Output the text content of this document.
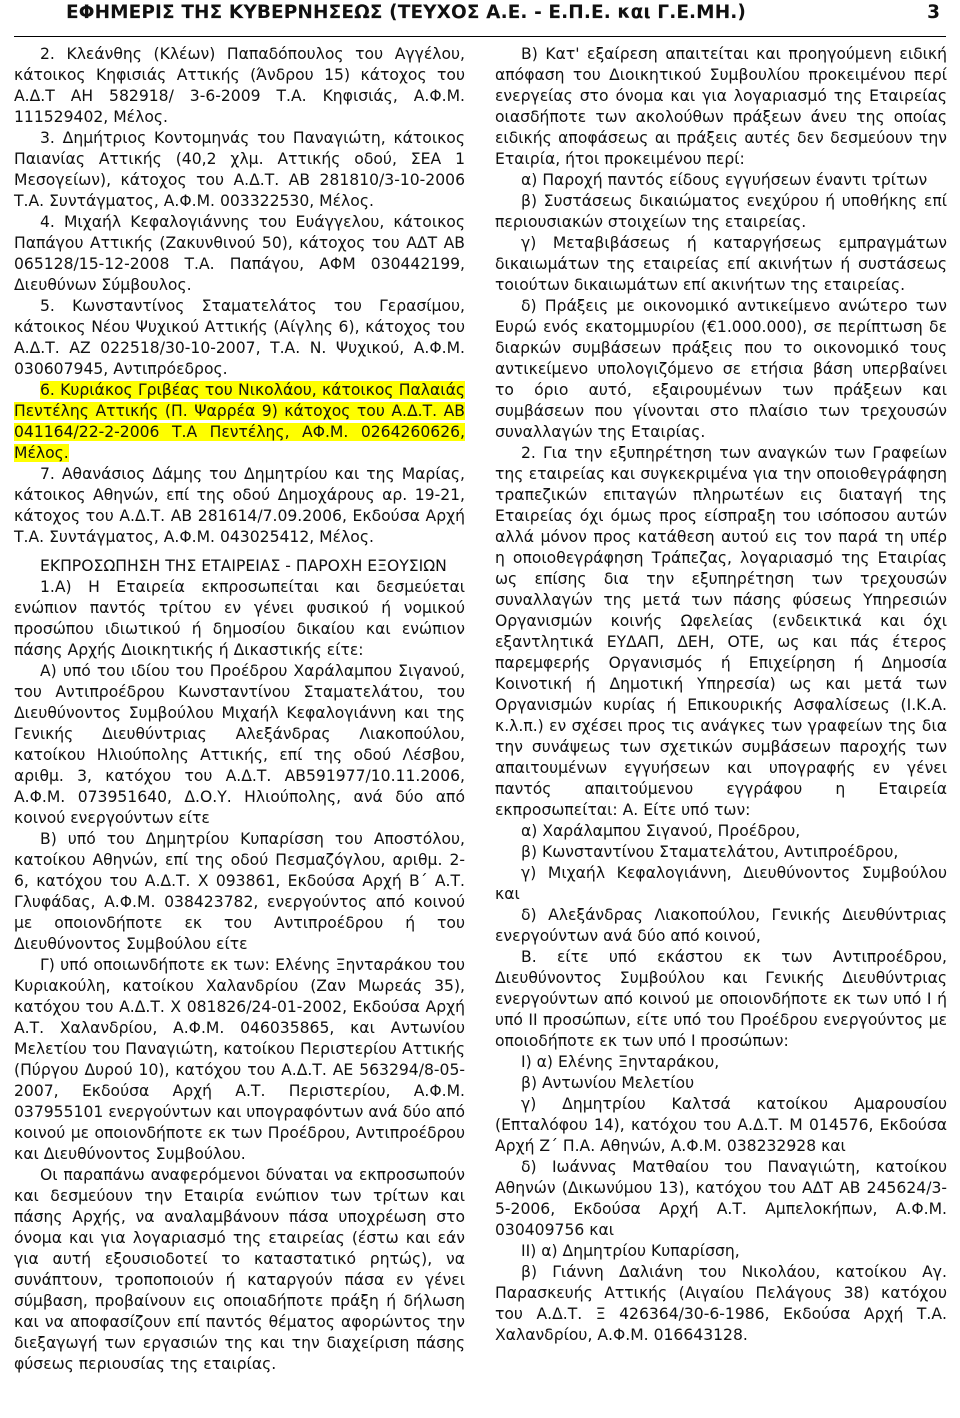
ΕΦΗΜΕΡΙΣ ΤΗΣ ΚΥΒΕΡΝΗΣΕΩΣ (ΤΕΥΧΟΣ Α.Ε. - Ε.Π.Ε. και Γ.Ε.ΜΗ.)	3

2. Κλεάνθης (Κλέων) Παπαδόπουλος του Αγγέλου, κάτοικος Κηφισιάς Αττικής (Άνδρου 15) κάτοχος του Α.Δ.Τ ΑΗ 582918/ 3-6-2009 Τ.Α. Κηφισιάς, Α.Φ.Μ. 111529402, Μέλος.

3. Δημήτριος Κοντομηνάς του Παναγιώτη, κάτοικος Παιανίας Αττικής (40,2 χλμ. Αττικής οδού, ΣΕΑ 1 Μεσογείων), κάτοχος του Α.Δ.Τ. ΑΒ 281810/3-10-2006 Τ.Α. Συντάγματος, Α.Φ.Μ. 003322530, Μέλος.

4. Μιχαήλ Κεφαλογιάννης του Ευάγγελου, κάτοικος Παπάγου Αττικής (Ζακυνθινού 50), κάτοχος του ΑΔΤ ΑΒ 065128/15-12-2008 Τ.Α. Παπάγου, ΑΦΜ 030442199, Διευθύνων Σύμβουλος.

5. Κωνσταντίνος Σταματελάτος του Γερασίμου, κάτοικος Νέου Ψυχικού Αττικής (Αίγλης 6), κάτοχος του Α.Δ.Τ. ΑΖ 022518/30-10-2007, Τ.Α. Ν. Ψυχικού, Α.Φ.Μ. 030607945, Αντιπρόεδρος.

6. Κυριάκος Γριβέας του Νικολάου, κάτοικος Παλαιάς Πεντέλης Αττικής (Π. Ψαρρέα 9) κάτοχος του Α.Δ.Τ. ΑΒ 041164/22-2-2006 Τ.Α Πεντέλης, ΑΦ.Μ. 0264260626, Μέλος.

7. Αθανάσιος Δάμης του Δημητρίου και της Μαρίας, κάτοικος Αθηνών, επί της οδού Δημοχάρους αρ. 19-21, κάτοχος του Α.Δ.Τ. ΑΒ 281614/7.09.2006, Εκδούσα Αρχή Τ.Α. Συντάγματος, Α.Φ.Μ. 043025412, Μέλος.

ΕΚΠΡΟΣΩΠΗΣΗ ΤΗΣ ΕΤΑΙΡΕΙΑΣ - ΠΑΡΟΧΗ ΕΞΟΥΣΙΩΝ

1.Α) Η Εταιρεία εκπροσωπείται και δεσμεύεται ενώπιον παντός τρίτου εν γένει φυσικού ή νομικού προσώπου ιδιωτικού ή δημοσίου δικαίου και ενώπιον πάσης Αρχής Διοικητικής ή Δικαστικής είτε:

Α) υπό του ιδίου του Προέδρου Χαράλαμπου Σιγανού, του Αντιπροέδρου Κωνσταντίνου Σταματελάτου, του Διευθύνοντος Συμβούλου Μιχαήλ Κεφαλογιάννη και της Γενικής Διευθύντριας Αλεξάνδρας Λιακοπούλου, κατοίκου Ηλιούπολης Αττικής, επί της οδού Λέσβου, αριθμ. 3, κατόχου του Α.Δ.Τ. ΑΒ591977/10.11.2006, Α.Φ.Μ. 073951640, Δ.Ο.Υ. Ηλιούπολης, ανά δύο από κοινού ενεργούντων είτε

Β) υπό του Δημητρίου Κυπαρίσση του Αποστόλου, κατοίκου Αθηνών, επί της οδού Πεσμαζόγλου, αριθμ. 2-6, κατόχου του Α.Δ.Τ. Χ 093861, Εκδούσα Αρχή Β΄ Α.Τ. Γλυφάδας, Α.Φ.Μ. 038423782, ενεργούντος από κοινού με οποιονδήποτε εκ του Αντιπροέδρου ή του Διευθύνοντος Συμβούλου είτε

Γ) υπό οποιωνδήποτε εκ των: Ελένης Ξηνταράκου του Κυριακούλη, κατοίκου Χαλανδρίου (Ζαν Μωρεάς 35), κατόχου του Α.Δ.Τ. Χ 081826/24-01-2002, Εκδούσα Αρχή Α.Τ. Χαλανδρίου, Α.Φ.Μ. 046035865, και Αντωνίου Μελετίου του Παναγιώτη, κατοίκου Περιστερίου Αττικής (Πύργου Δυρού 10), κατόχου του Α.Δ.Τ. ΑΕ 563294/8-05-2007, Εκδούσα Αρχή Α.Τ. Περιστερίου, Α.Φ.Μ. 037955101 ενεργούντων και υπογραφόντων ανά δύο από κοινού με οποιονδήποτε εκ των Προέδρου, Αντιπροέδρου και Διευθύνοντος Συμβούλου.

Οι παραπάνω αναφερόμενοι δύναται να εκπροσωπούν και δεσμεύουν την Εταιρία ενώπιον των τρίτων και πάσης Αρχής, να αναλαμβάνουν πάσα υποχρέωση στο όνομα και για λογαριασμό της εταιρείας (έστω και εάν για αυτή εξουσιοδοτεί το καταστατικό ρητώς), να συνάπτουν, τροποποιούν ή καταργούν πάσα εν γένει σύμβαση, προβαίνουν εις οποιαδήποτε πράξη ή δήλωση και να αποφασίζουν επί παντός θέματος αφορώντος την διεξαγωγή των εργασιών της και την διαχείριση πάσης φύσεως περιουσίας της εταιρίας.

Β) Κατ' εξαίρεση απαιτείται και προηγούμενη ειδική απόφαση του Διοικητικού Συμβουλίου προκειμένου περί ενεργείας στο όνομα και για λογαριασμό της Εταιρείας οιασδήποτε των ακολούθων πράξεων άνευ της οποίας ειδικής αποφάσεως αι πράξεις αυτές δεν δεσμεύουν την Εταιρία, ήτοι προκειμένου περί:

α) Παροχή παντός είδους εγγυήσεων έναντι τρίτων

β) Συστάσεως δικαιώματος ενεχύρου ή υποθήκης επί περιουσιακών στοιχείων της εταιρείας.

γ) Μεταβιβάσεως ή καταργήσεως εμπραγμάτων δικαιωμάτων της εταιρείας επί ακινήτων ή συστάσεως τοιούτων δικαιωμάτων επί ακινήτων της εταιρείας.

δ) Πράξεις με οικονομικό αντικείμενο ανώτερο των Ευρώ ενός εκατομμυρίου (€1.000.000), σε περίπτωση δε διαρκών συμβάσεων πράξεις που το οικονομικό τους αντικείμενο υπολογιζόμενο σε ετήσια βάση υπερβαίνει το όριο αυτό, εξαιρουμένων των πράξεων και συμβάσεων που γίνονται στο πλαίσιο των τρεχουσών συναλλαγών της Εταιρίας.

2. Για την εξυπηρέτηση των αναγκών των Γραφείων της εταιρείας και συγκεκριμένα για την οποιοθεγράφηση τραπεζικών επιταγών πληρωτέων εις διαταγή της Εταιρείας όχι όμως προς είσπραξη του ισόποσου αυτών αλλά μόνον προς κατάθεση αυτού εις τον παρά τη υπέρ η οποιοθεγράφηση Τράπεζας, λογαριασμό της Εταιρίας ως επίσης δια την εξυπηρέτηση των τρεχουσών συναλλαγών της μετά των πάσης φύσεως Υπηρεσιών Οργανισμών κοινής Ωφελείας (ενδεικτικά και όχι εξαντλητικά ΕΥΔΑΠ, ΔΕΗ, ΟΤΕ, ως και πάς έτερος παρεμφερής Οργανισμός ή Επιχείρηση ή Δημοσία Κοινοτική ή Δημοτική Υπηρεσία) ως και μετά των Οργανισμών κυρίας ή Επικουρικής Ασφαλίσεως (Ι.Κ.Α. κ.λ.π.) εν σχέσει προς τις ανάγκες των γραφείων της δια την συνάψεως των σχετικών συμβάσεων παροχής των απαιτουμένων εγγυήσεων και υπογραφής εν γένει παντός απαιτούμενου εγγράφου η Εταιρεία εκπροσωπείται: Α. Είτε υπό των:

α) Χαράλαμπου Σιγανού, Προέδρου,

β) Κωνσταντίνου Σταματελάτου, Αντιπροέδρου,

γ) Μιχαήλ Κεφαλογιάννη, Διευθύνοντος Συμβούλου και

δ) Αλεξάνδρας Λιακοπούλου, Γενικής Διευθύντριας ενεργούντων ανά δύο από κοινού,

Β. είτε υπό εκάστου εκ των Αντιπροέδρου, Διευθύνοντος Συμβούλου και Γενικής Διευθύντριας ενεργούντων από κοινού με οποιονδήποτε εκ των υπό Ι ή υπό ΙΙ προσώπων, είτε υπό του Προέδρου ενεργούντος με οποιοδήποτε εκ των υπό Ι προσώπων:

Ι) α) Ελένης Ξηνταράκου,

β) Αντωνίου Μελετίου

γ) Δημητρίου Καλτσά κατοίκου Αμαρουσίου (Επταλόφου 14), κατόχου του Α.Δ.Τ. Μ 014576, Εκδούσα Αρχή Ζ΄ Π.Α. Αθηνών, Α.Φ.Μ. 038232928 και

δ) Ιωάννας Ματθαίου του Παναγιώτη, κατοίκου Αθηνών (Δικωνύμου 13), κατόχου του ΑΔΤ ΑΒ 245624/3-5-2006, Εκδούσα Αρχή Α.Τ. Αμπελοκήπων, Α.Φ.Μ. 030409756 και

ΙΙ) α) Δημητρίου Κυπαρίσση,

β) Γιάννη Δαλιάνη του Νικολάου, κατοίκου Αγ. Παρασκευής Αττικής (Αιγαίου Πελάγους 38) κατόχου του Α.Δ.Τ. Ξ 426364/30-6-1986, Εκδούσα Αρχή Τ.Α. Χαλανδρίου, Α.Φ.Μ. 016643128.
